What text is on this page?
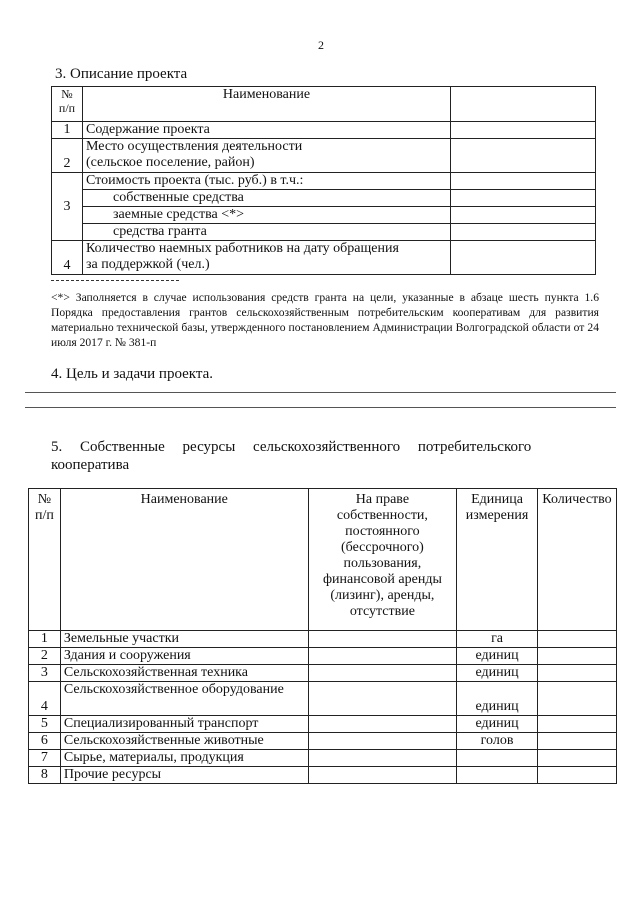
2
3. Описание проекта
№ п/п	Наименование	
1	Содержание проекта	
2	Место осуществления деятельности
(сельское поселение, район)	

3	Стоимость проекта (тыс. руб.) в т.ч.:	
	собственные средства	
	заемные средства <*>	
	средства гранта	
4	Количество наемных работников на дату обращения
за поддержкой (чел.)	

<*> Заполняется в случае использования средств гранта на цели, указанные в абзаце шесть пункта 1.6 Порядка предоставления грантов сельскохозяйственным потребительским кооперативам для развития материально технической базы, утвержденного постановлением Администрации Волгоградской области от 24 июля 2017 г. № 381-п
4. Цель и задачи проекта.
5. Собственные ресурсы сельскохозяйственного потребительского
кооператива
№ п/п	Наименование	На праве собственности, постоянного (бессрочного) пользования, финансовой аренды (лизинг), аренды, отсутствие	Единица измерения	Количество
1	Земельные участки		га	
2	Здания и сооружения		единиц	
3	Сельскохозяйственная техника		единиц	
4	Сельскохозяйственное оборудование		единиц	
5	Специализированный транспорт		единиц	
6	Сельскохозяйственные животные		голов	
7	Сырье, материалы, продукция			
8	Прочие ресурсы			
